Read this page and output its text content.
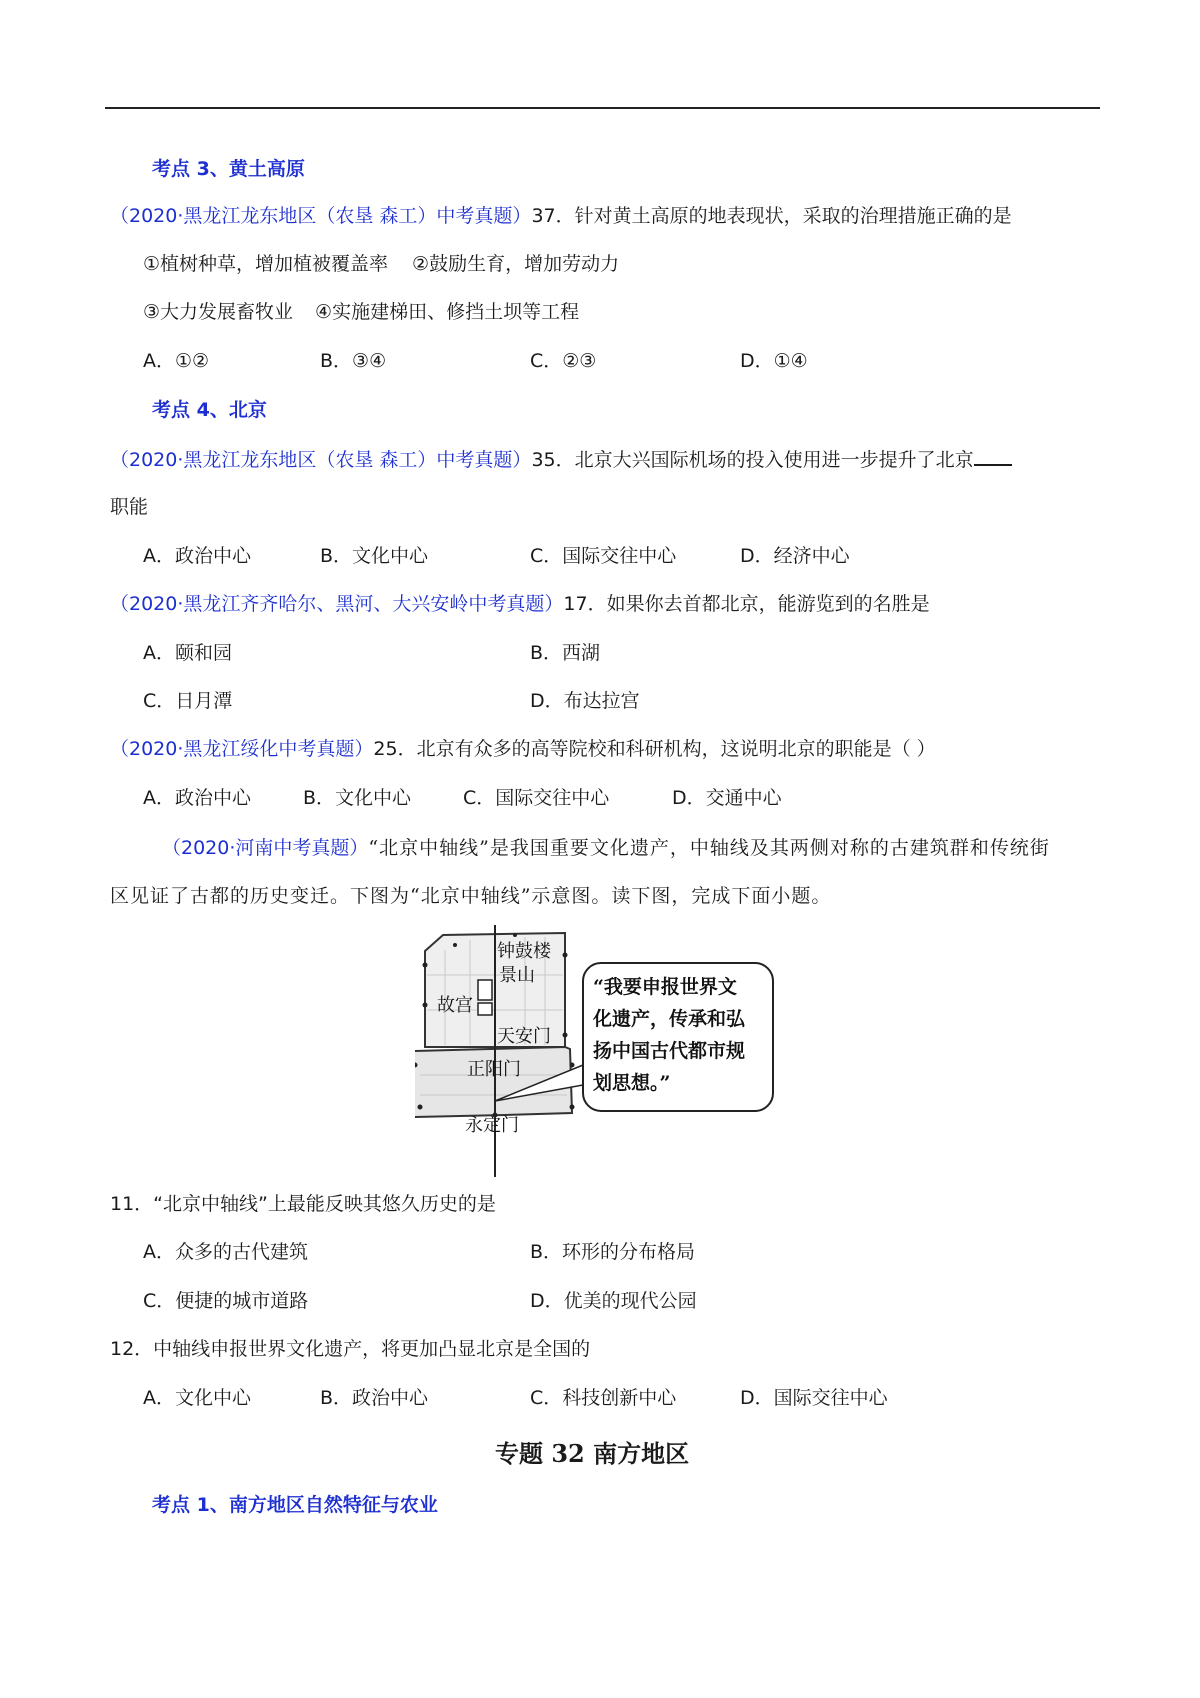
考点 3、黄土高原
（2020·黑龙江龙东地区（农垦 森工）中考真题）37．针对黄土高原的地表现状，采取的治理措施正确的是
①植树种草，增加植被覆盖率 ②鼓励生育，增加劳动力
③大力发展畜牧业 ④实施建梯田、修挡土坝等工程
A．①②	B．③④	C．②③	D．①④
考点 4、北京
（2020·黑龙江龙东地区（农垦 森工）中考真题）35．北京大兴国际机场的投入使用进一步提升了北京
职能
A．政治中心	B．文化中心	C．国际交往中心	D．经济中心
（2020·黑龙江齐齐哈尔、黑河、大兴安岭中考真题）17．如果你去首都北京，能游览到的名胜是
A．颐和园	B．西湖
C．日月潭	D．布达拉宫
（2020·黑龙江绥化中考真题）25．北京有众多的高等院校和科研机构，这说明北京的职能是（ ）
A．政治中心	B．文化中心	C．国际交往中心	D．交通中心
（2020·河南中考真题）“北京中轴线”是我国重要文化遗产，中轴线及其两侧对称的古建筑群和传统街
区见证了古都的历史变迁。下图为“北京中轴线”示意图。读下图，完成下面小题。
钟鼓楼
景山
故宫
天安门
正阳门
永定门
“我要申报世界文
化遗产，传承和弘
扬中国古代都市规
划思想。”
11．“北京中轴线”上最能反映其悠久历史的是
A．众多的古代建筑	B．环形的分布格局
C．便捷的城市道路	D．优美的现代公园
12．中轴线申报世界文化遗产，将更加凸显北京是全国的
A．文化中心	B．政治中心	C．科技创新中心	D．国际交往中心
专题 32 南方地区
考点 1、南方地区自然特征与农业
